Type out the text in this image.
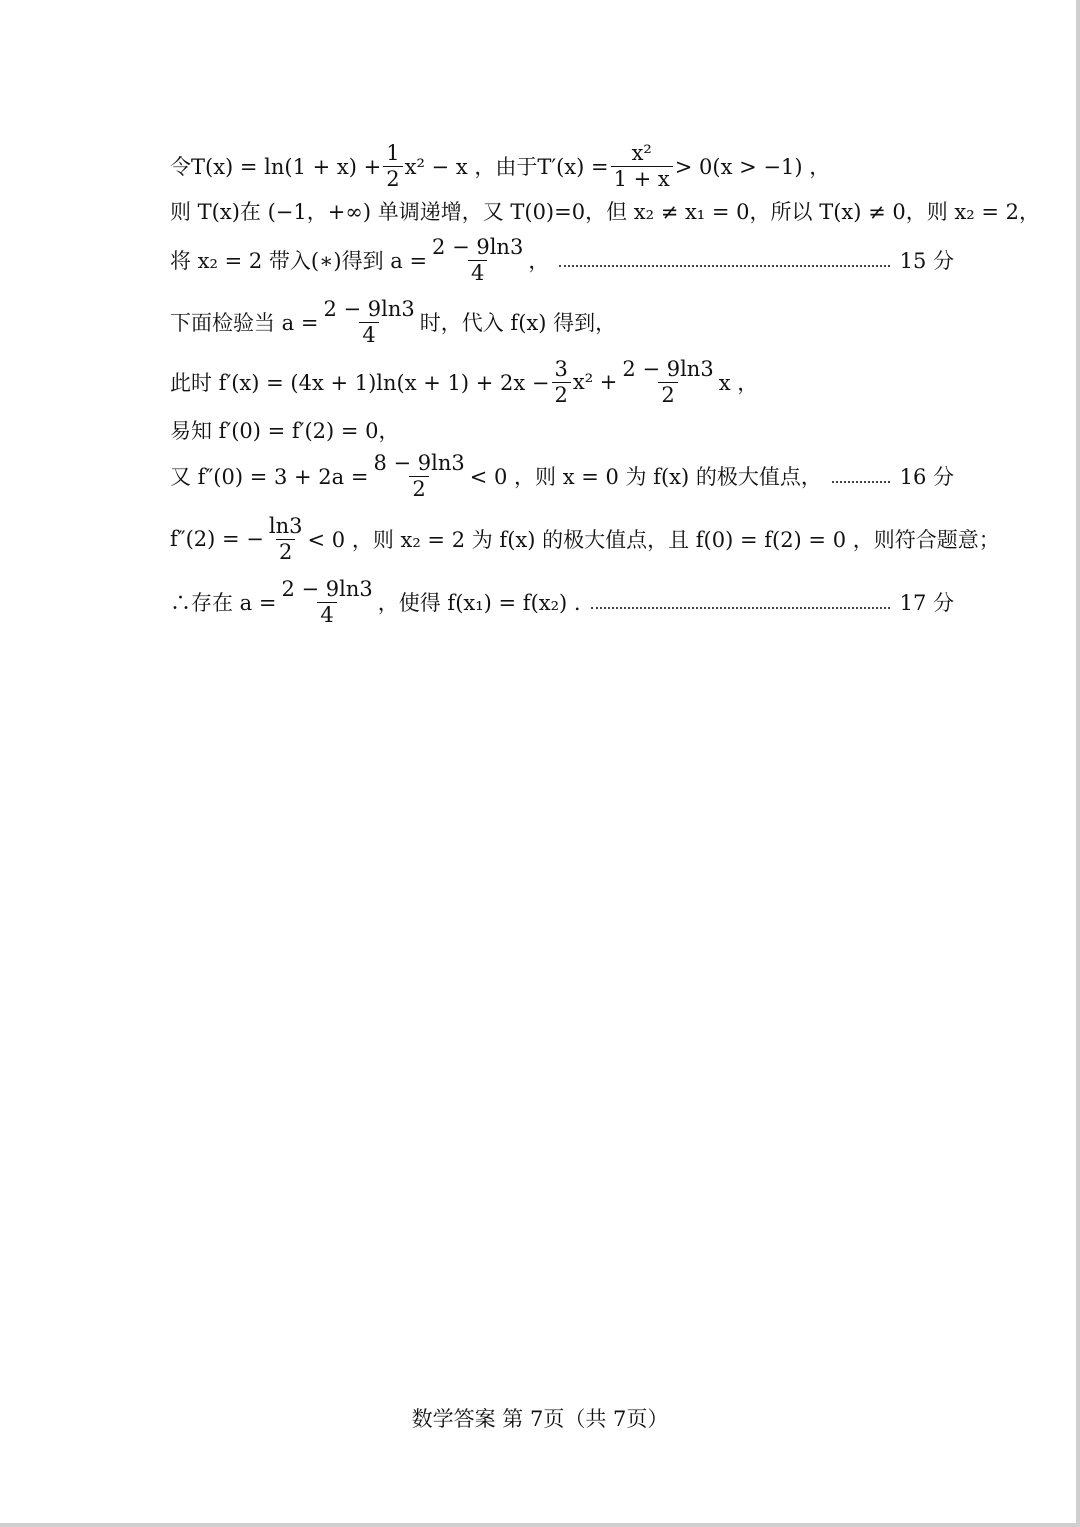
令$T(x) = \ln(1 + x) + \frac{1}{2} x^2 - x$ ，由于$T'(x) = \frac{\text{x²}}{1 + x} > 0(x > -1)$ ，
则 T(x)在 (−1，+∞) 单调递增，又 T(0)=0，但 x₂ ≠ x₁ = 0，所以 T(x) ≠ 0，则 x₂ = 2，
将 x₂ = 2 带入(∗)得到 $a = \frac{2 - 9\ln 3}{4}$ ，	15 分
下面检验当 $a = \frac{2 - 9\ln 3}{4}$ 时，代入 f(x) 得到，
此时 $f'(x) = (4x + 1)\ln(x + 1) + 2x - \frac{3}{2} x^2 + \frac{2 - 9\ln 3}{2}$ x ，
易知 f′(0) = f′(2) = 0，
又 $f''(0) = 3 + 2a = \frac{8 - 9\ln 3}{2} < 0$ ，则 x = 0 为 f(x) 的极大值点，	16 分
f″(2) = − $\frac{\ln 3}{2} < 0$ ，则 x₂ = 2 为 f(x) 的极大值点，且 f(0) = f(2) = 0 ，则符合题意；
∴存在 $a = \frac{2 - 9\ln 3}{4}$ ，使得 f(x₁) = f(x₂) .	17 分
数学答案 第 7页（共 7页）
